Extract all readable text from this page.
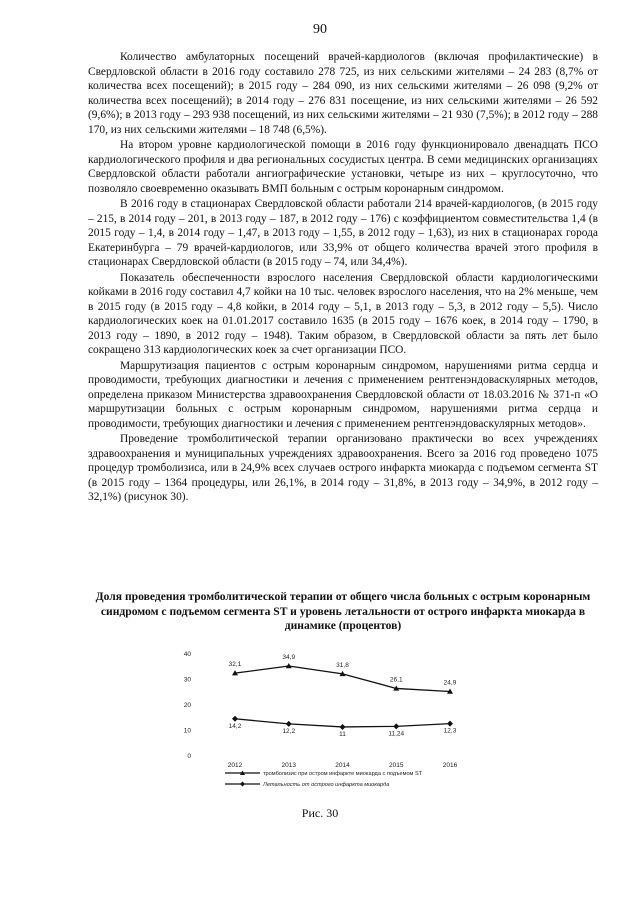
90

Количество амбулаторных посещений врачей-кардиологов (включая профилактические) в Свердловской области в 2016 году составило 278 725, из них сельскими жителями – 24 283 (8,7% от количества всех посещений); в 2015 году – 284 090, из них сельскими жителями – 26 098 (9,2% от количества всех посещений); в 2014 году – 276 831 посещение, из них сельскими жителями – 26 592 (9,6%); в 2013 году – 293 938 посещений, из них сельскими жителями – 21 930 (7,5%); в 2012 году – 288 170, из них сельскими жителями – 18 748 (6,5%).

На втором уровне кардиологической помощи в 2016 году функционировало двенадцать ПСО кардиологического профиля и два региональных сосудистых центра. В семи медицинских организациях Свердловской области работали ангиографические установки, четыре из них – круглосуточно, что позволяло своевременно оказывать ВМП больным с острым коронарным синдромом.

В 2016 году в стационарах Свердловской области работали 214 врачей-кардиологов, (в 2015 году – 215, в 2014 году – 201, в 2013 году – 187, в 2012 году – 176) с коэффициентом совместительства 1,4 (в 2015 году – 1,4, в 2014 году – 1,47, в 2013 году – 1,55, в 2012 году – 1,63), из них в стационарах города Екатеринбурга – 79 врачей-кардиологов, или 33,9% от общего количества врачей этого профиля в стационарах Свердловской области (в 2015 году – 74, или 34,4%).

Показатель обеспеченности взрослого населения Свердловской области кардиологическими койками в 2016 году составил 4,7 койки на 10 тыс. человек взрослого населения, что на 2% меньше, чем в 2015 году (в 2015 году – 4,8 койки, в 2014 году – 5,1, в 2013 году – 5,3, в 2012 году – 5,5). Число кардиологических коек на 01.01.2017 составило 1635 (в 2015 году – 1676 коек, в 2014 году – 1790, в 2013 году – 1890, в 2012 году – 1948). Таким образом, в Свердловской области за пять лет было сокращено 313 кардиологических коек за счет организации ПСО.

Маршрутизация пациентов с острым коронарным синдромом, нарушениями ритма сердца и проводимости, требующих диагностики и лечения с применением рентгенэндоваскулярных методов, определена приказом Министерства здравоохранения Свердловской области от 18.03.2016 № 371-п «О маршрутизации больных с острым коронарным синдромом, нарушениями ритма сердца и проводимости, требующих диагностики и лечения с применением рентгенэндоваскулярных методов».

Проведение тромболитической терапии организовано практически во всех учреждениях здравоохранения и муниципальных учреждениях здравоохранения. Всего за 2016 год проведено 1075 процедур тромболизиса, или в 24,9% всех случаев острого инфаркта миокарда с подъемом сегмента ST (в 2015 году – 1364 процедуры, или 26,1%, в 2014 году – 31,8%, в 2013 году – 34,9%, в 2012 году – 32,1%) (рисунок 30).

Доля проведения тромболитической терапии от общего числа больных с острым коронарным синдромом с подъемом сегмента ST и уровень летальности от острого инфаркта миокарда в динамике (процентов)
0
10
20
30
40
2012	2013	2014	2015	2016
32,1
34,9
31,8
26,1	24,9
14,2
12,2	11	11,24	12,3
тромболизис при остром инфаркте миокарда с подъемом ST
Летальность от острого инфаркта миокарда
Рис. 30
